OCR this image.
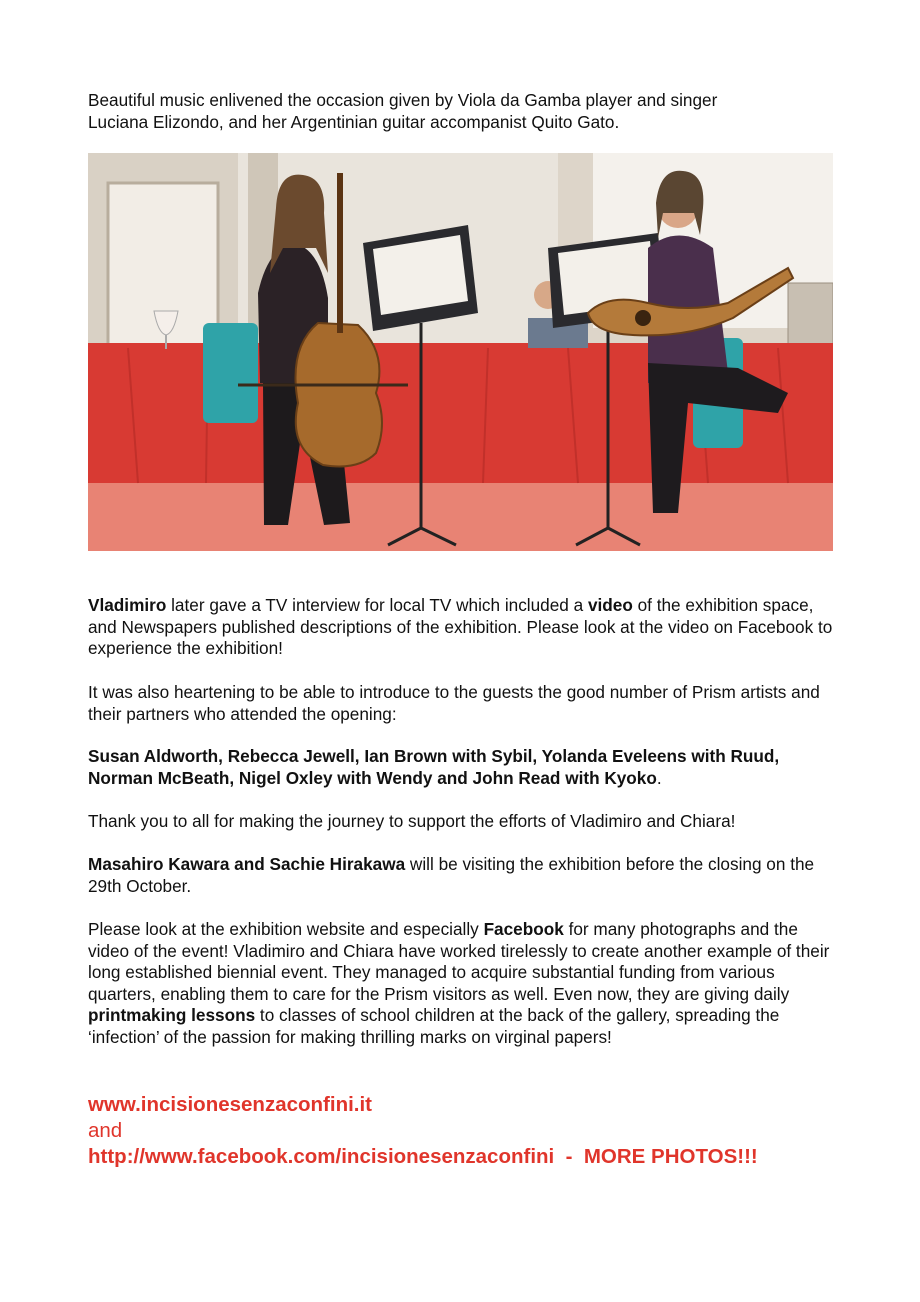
Beautiful music enlivened the occasion given by Viola da Gamba player and singer
Luciana Elizondo, and her Argentinian guitar accompanist Quito Gato.

Vladimiro later gave a TV interview for local TV which included a video of the exhibition space, and Newspapers published descriptions of the exhibition. Please look at the video on Facebook to experience the exhibition!

It was also heartening to be able to introduce to the guests the good number of Prism artists and their partners who attended the opening:

Susan Aldworth, Rebecca Jewell, Ian Brown with Sybil, Yolanda Eveleens with Ruud, Norman McBeath, Nigel Oxley with Wendy and John Read with Kyoko.

Thank you to all for making the journey to support the efforts of Vladimiro and Chiara!

Masahiro Kawara and Sachie Hirakawa will be visiting the exhibition before the closing on the 29th October.

Please look at the exhibition website and especially Facebook for many photographs and the video of the event! Vladimiro and Chiara have worked tirelessly to create another example of their long established biennial event. They managed to acquire substantial funding from various quarters, enabling them to care for the Prism visitors as well. Even now, they are giving daily printmaking lessons to classes of school children at the back of the gallery, spreading the ‘infection’ of the passion for making thrilling marks on virginal papers!

www.incisionesenzaconfini.it
and
http://www.facebook.com/incisionesenzaconfini  -  MORE PHOTOS!!!
